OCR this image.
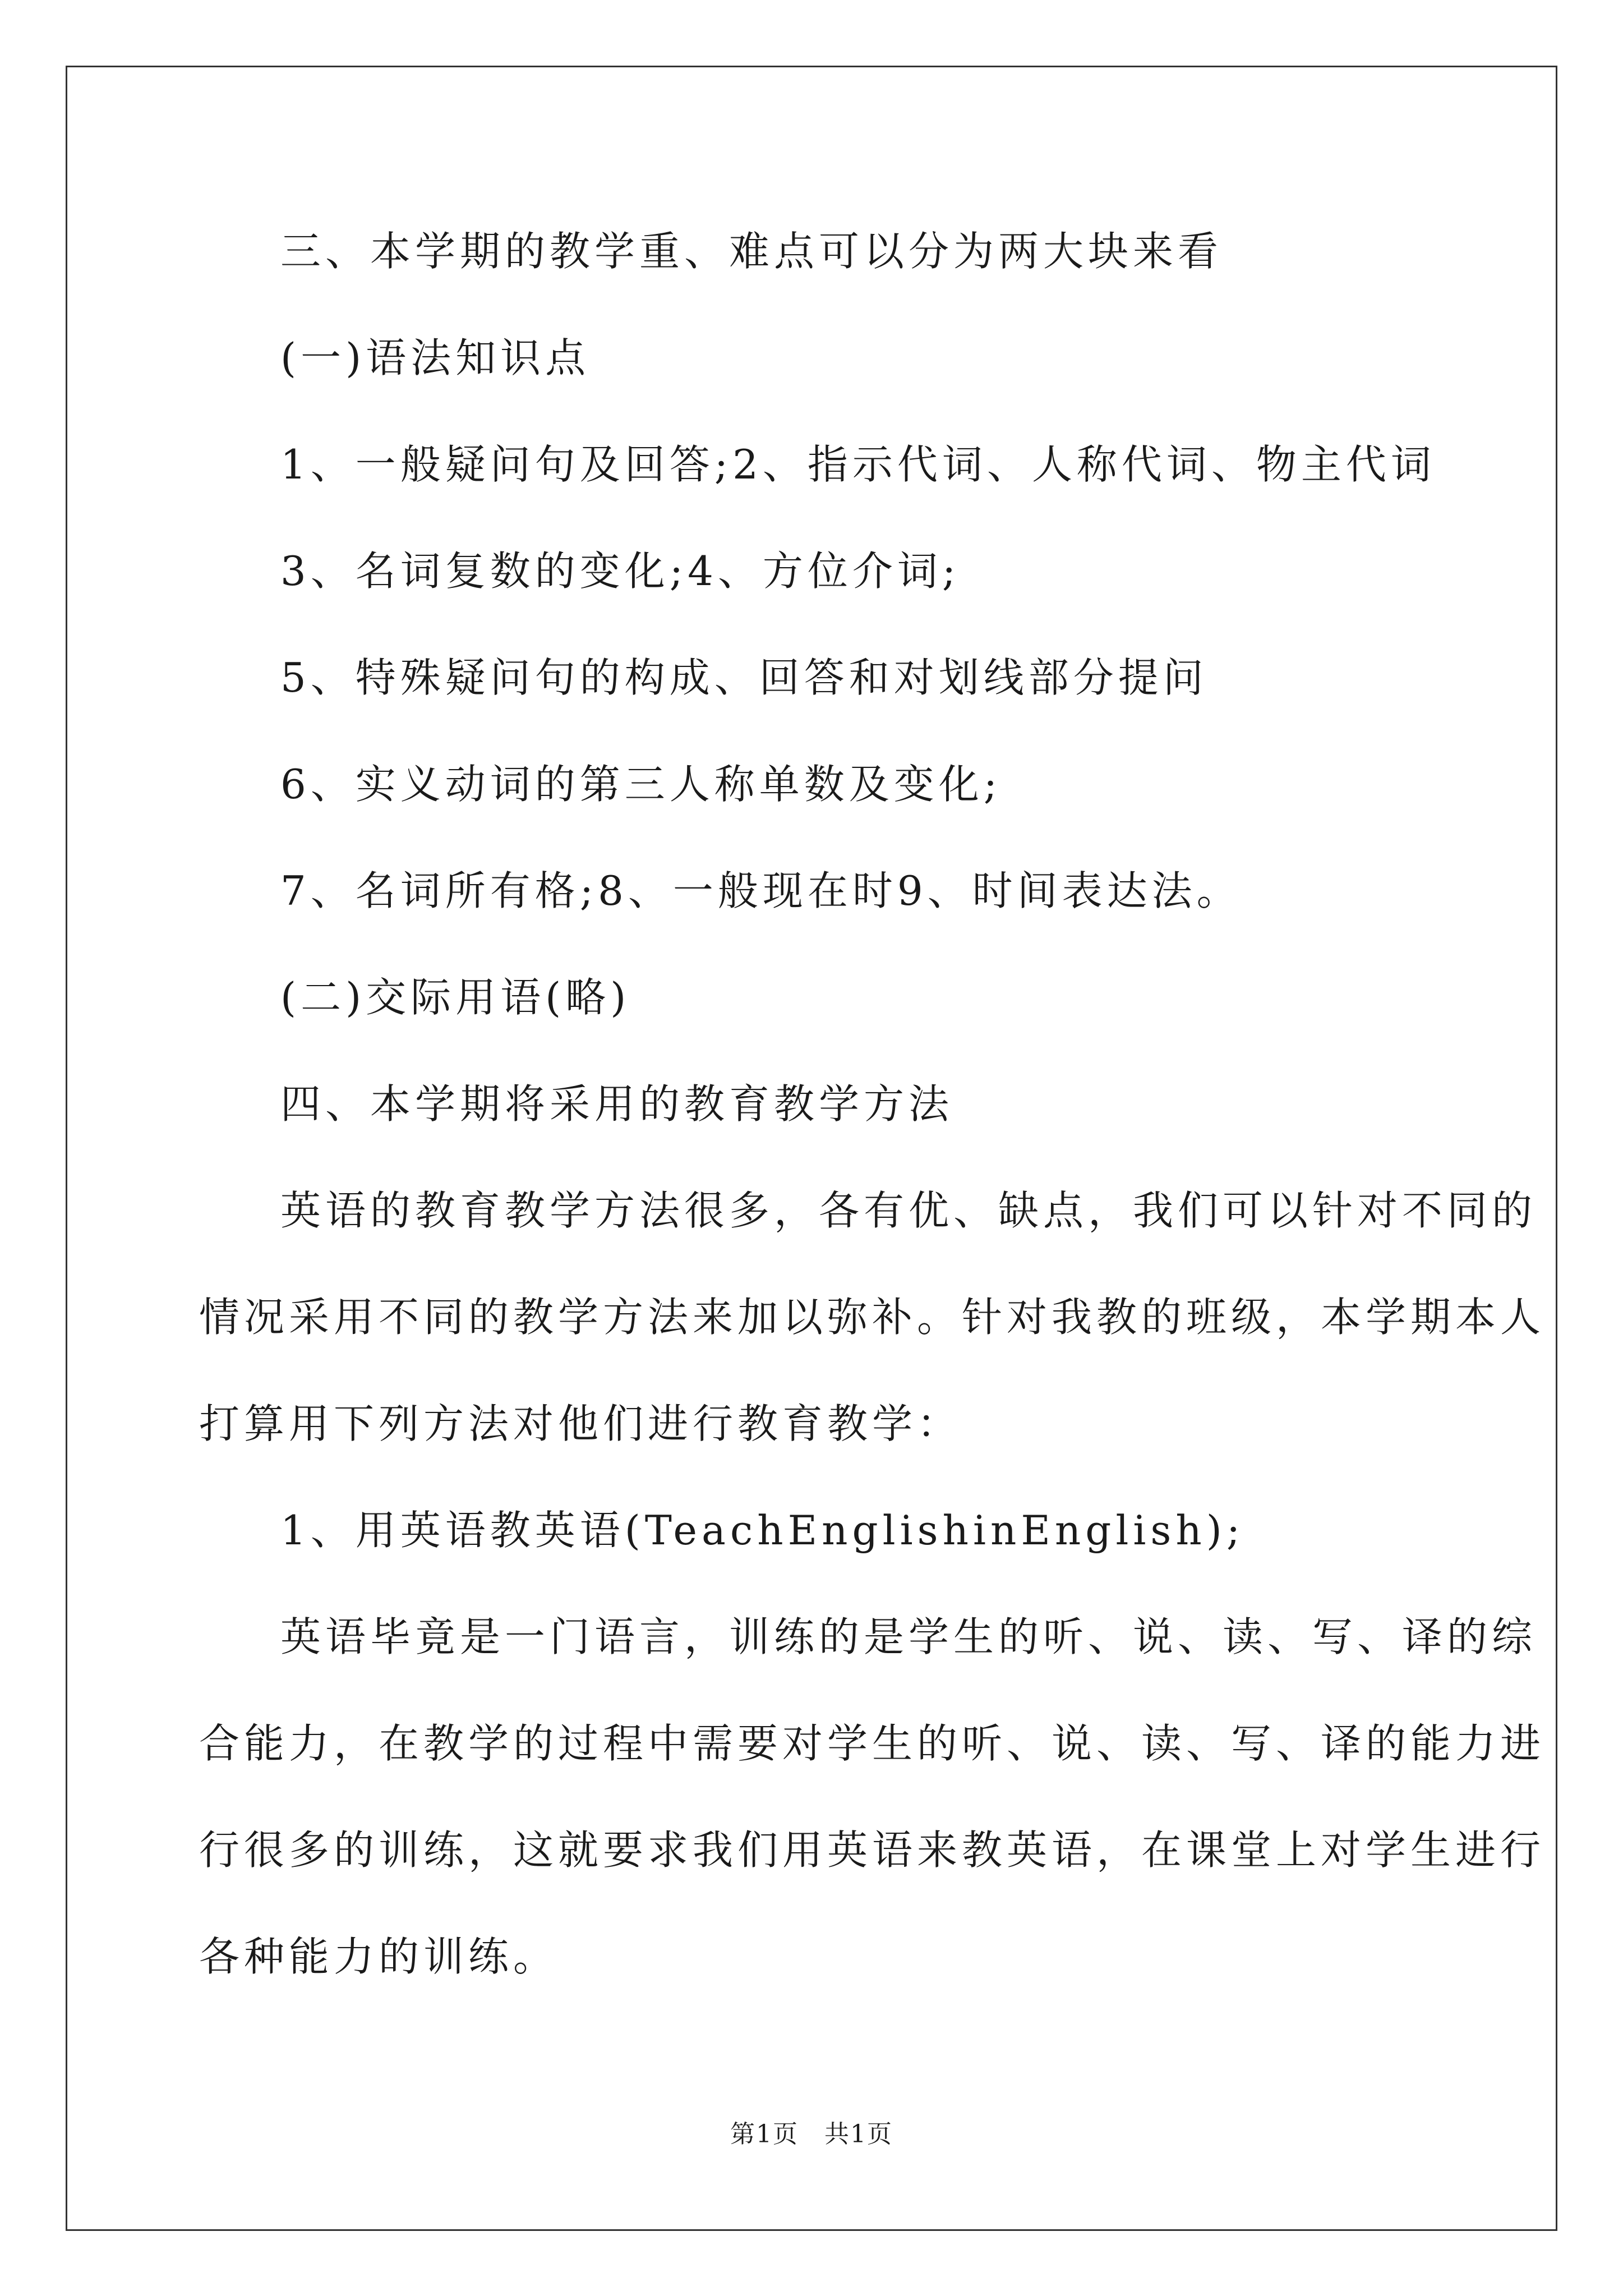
三、本学期的教学重、难点可以分为两大块来看

(一)语法知识点

1、一般疑问句及回答;2、指示代词、人称代词、物主代词

3、名词复数的变化;4、方位介词;

5、特殊疑问句的构成、回答和对划线部分提问

6、实义动词的第三人称单数及变化;

7、名词所有格;8、一般现在时9、时间表达法。

(二)交际用语(略)

四、本学期将采用的教育教学方法

英语的教育教学方法很多，各有优、缺点，我们可以针对不同的

情况采用不同的教学方法来加以弥补。针对我教的班级，本学期本人

打算用下列方法对他们进行教育教学：

1、用英语教英语(TeachEnglishinEnglish);

英语毕竟是一门语言，训练的是学生的听、说、读、写、译的综

合能力，在教学的过程中需要对学生的听、说、读、写、译的能力进

行很多的训练，这就要求我们用英语来教英语，在课堂上对学生进行

各种能力的训练。

第1页　共1页
